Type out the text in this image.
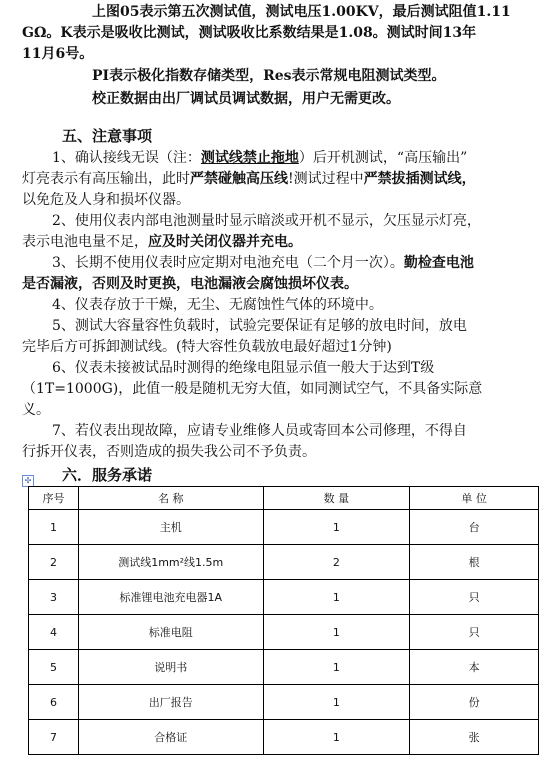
上图05表示第五次测试值，测试电压1.00KV，最后测试阻值1.11
GΩ。K表示是吸收比测试，测试吸收比系数结果是1.08。测试时间13年
11月6号。
PI表示极化指数存储类型，Res表示常规电阻测试类型。
校正数据由出厂调试员调试数据，用户无需更改。
五、注意事项
1、确认接线无误（注：测试线禁止拖地）后开机测试，“高压输出”
灯亮表示有高压输出，此时严禁碰触高压线!测试过程中严禁拔插测试线，
以免危及人身和损坏仪器。
2、使用仪表内部电池测量时显示暗淡或开机不显示，欠压显示灯亮，
表示电池电量不足，应及时关闭仪器并充电。
3、长期不使用仪表时应定期对电池充电（二个月一次）。勤检查电池
是否漏液，否则及时更换，电池漏液会腐蚀损坏仪表。
4、仪表存放于干燥，无尘、无腐蚀性气体的环境中。
5、测试大容量容性负载时，试验完要保证有足够的放电时间，放电
完毕后方可拆卸测试线。(特大容性负载放电最好超过1分钟)
6、仪表未接被试品时测得的绝缘电阻显示值一般大于达到T级
（1T=1000G)，此值一般是随机无穷大值，如同测试空气，不具备实际意
义。
7、若仪表出现故障，应请专业维修人员或寄回本公司修理，不得自
行拆开仪表，否则造成的损失我公司不予负责。
六．服务承诺
✣
序号	名 称	数 量	单 位
1	主机	1	台
2	测试线1mm²线1.5m	2	根
3	标准锂电池充电器1A	1	只
4	标准电阻	1	只
5	说明书	1	本
6	出厂报告	1	份
7	合格证	1	张
